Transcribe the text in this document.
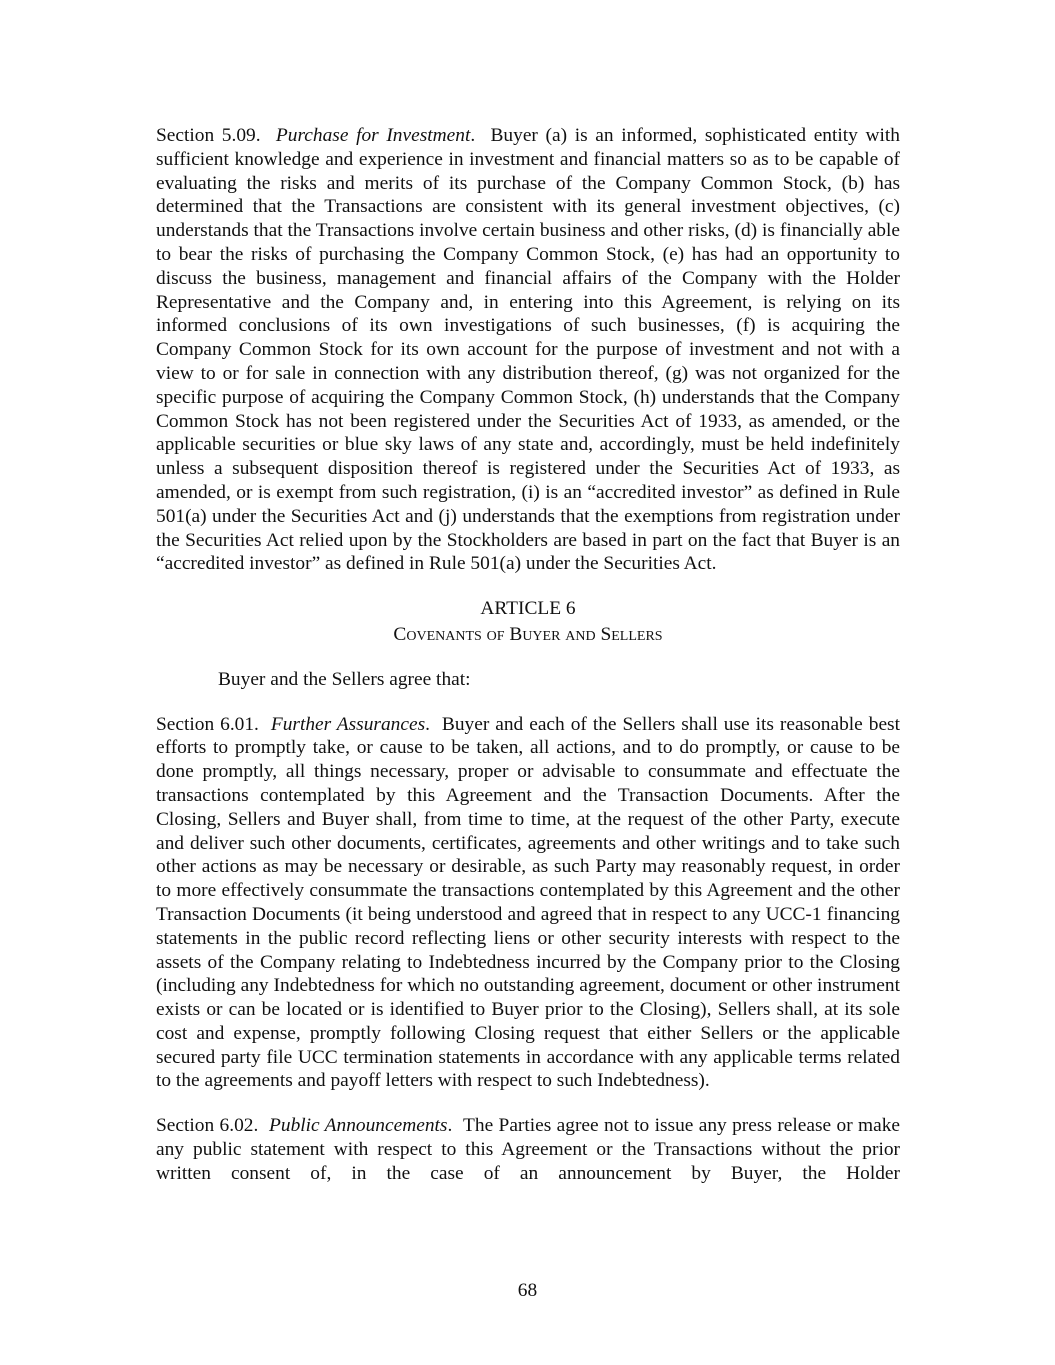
Section 5.09. Purchase for Investment.  Buyer (a) is an informed, sophisticated entity with sufficient knowledge and experience in investment and financial matters so as to be capable of evaluating the risks and merits of its purchase of the Company Common Stock, (b) has determined that the Transactions are consistent with its general investment objectives, (c) understands that the Transactions involve certain business and other risks, (d) is financially able to bear the risks of purchasing the Company Common Stock, (e) has had an opportunity to discuss the business, management and financial affairs of the Company with the Holder Representative and the Company and, in entering into this Agreement, is relying on its informed conclusions of its own investigations of such businesses, (f) is acquiring the Company Common Stock for its own account for the purpose of investment and not with a view to or for sale in connection with any distribution thereof, (g) was not organized for the specific purpose of acquiring the Company Common Stock, (h) understands that the Company Common Stock has not been registered under the Securities Act of 1933, as amended, or the applicable securities or blue sky laws of any state and, accordingly, must be held indefinitely unless a subsequent disposition thereof is registered under the Securities Act of 1933, as amended, or is exempt from such registration, (i) is an “accredited investor” as defined in Rule 501(a) under the Securities Act and (j) understands that the exemptions from registration under the Securities Act relied upon by the Stockholders are based in part on the fact that Buyer is an “accredited investor” as defined in Rule 501(a) under the Securities Act.

ARTICLE 6

Covenants of Buyer and Sellers

Buyer and the Sellers agree that:

Section 6.01. Further Assurances.  Buyer and each of the Sellers shall use its reasonable best efforts to promptly take, or cause to be taken, all actions, and to do promptly, or cause to be done promptly, all things necessary, proper or advisable to consummate and effectuate the transactions contemplated by this Agreement and the Transaction Documents. After the Closing, Sellers and Buyer shall, from time to time, at the request of the other Party, execute and deliver such other documents, certificates, agreements and other writings and to take such other actions as may be necessary or desirable, as such Party may reasonably request, in order to more effectively consummate the transactions contemplated by this Agreement and the other Transaction Documents (it being understood and agreed that in respect to any UCC-1 financing statements in the public record reflecting liens or other security interests with respect to the assets of the Company relating to Indebtedness incurred by the Company prior to the Closing (including any Indebtedness for which no outstanding agreement, document or other instrument exists or can be located or is identified to Buyer prior to the Closing), Sellers shall, at its sole cost and expense, promptly following Closing request that either Sellers or the applicable secured party file UCC termination statements in accordance with any applicable terms related to the agreements and payoff letters with respect to such Indebtedness).

Section 6.02. Public Announcements.  The Parties agree not to issue any press release or make any public statement with respect to this Agreement or the Transactions without the prior written consent of, in the case of an announcement by Buyer, the Holder

68
